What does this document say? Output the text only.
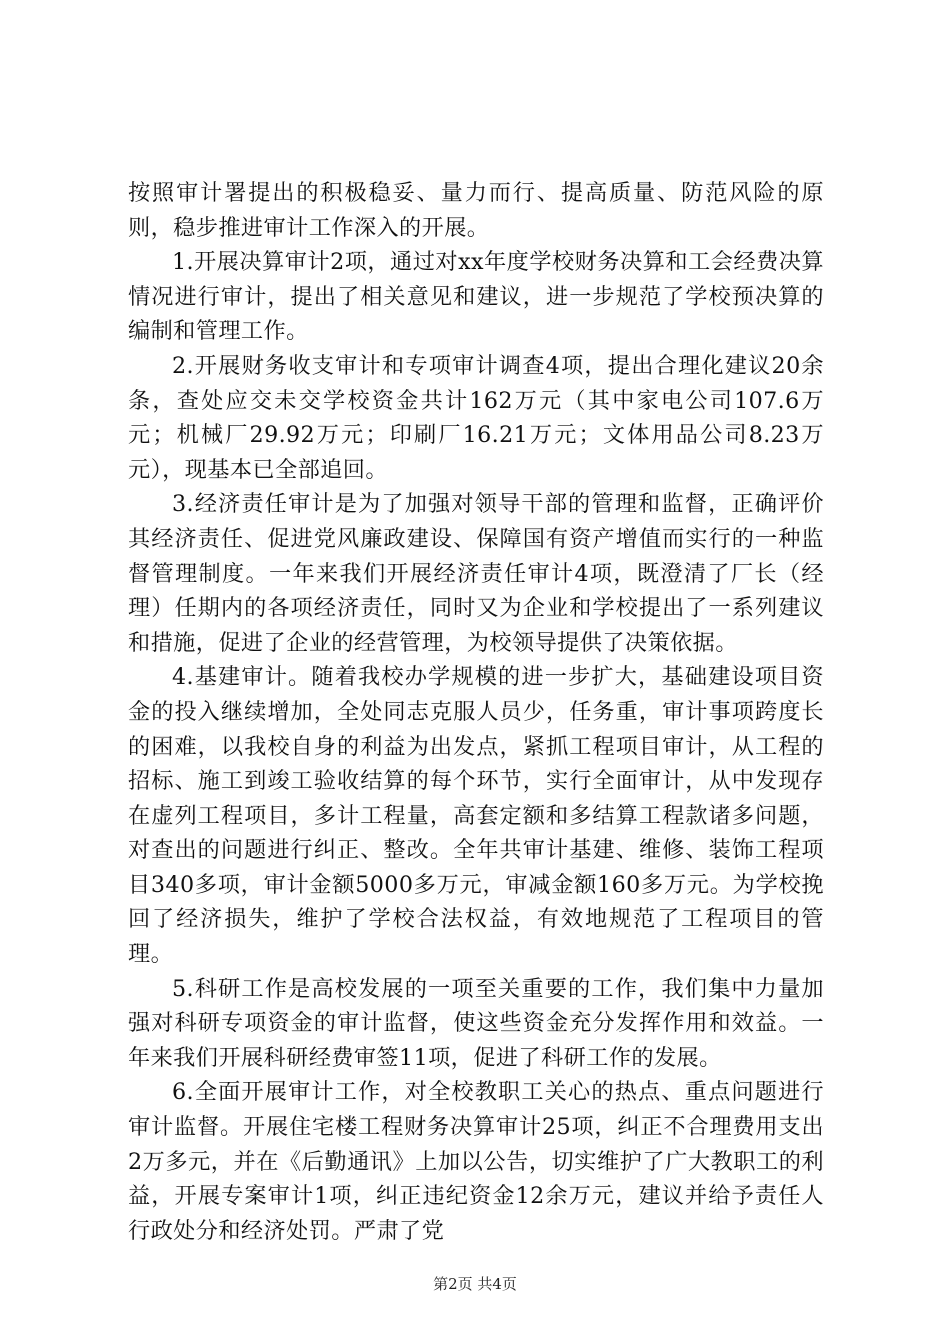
按照审计署提出的积极稳妥、量力而行、提高质量、防范风险的原则，稳步推进审计工作深入的开展。

1.开展决算审计2项，通过对xx年度学校财务决算和工会经费决算情况进行审计，提出了相关意见和建议，进一步规范了学校预决算的编制和管理工作。

2.开展财务收支审计和专项审计调查4项，提出合理化建议20余条，查处应交未交学校资金共计162万元（其中家电公司107.6万元；机械厂29.92万元；印刷厂16.21万元；文体用品公司8.23万元），现基本已全部追回。

3.经济责任审计是为了加强对领导干部的管理和监督，正确评价其经济责任、促进党风廉政建设、保障国有资产增值而实行的一种监督管理制度。一年来我们开展经济责任审计4项，既澄清了厂长（经理）任期内的各项经济责任，同时又为企业和学校提出了一系列建议和措施，促进了企业的经营管理，为校领导提供了决策依据。

4.基建审计。随着我校办学规模的进一步扩大，基础建设项目资金的投入继续增加，全处同志克服人员少，任务重，审计事项跨度长的困难，以我校自身的利益为出发点，紧抓工程项目审计，从工程的招标、施工到竣工验收结算的每个环节，实行全面审计，从中发现存在虚列工程项目，多计工程量，高套定额和多结算工程款诸多问题，对查出的问题进行纠正、整改。全年共审计基建、维修、装饰工程项目340多项，审计金额5000多万元，审减金额160多万元。为学校挽回了经济损失，维护了学校合法权益，有效地规范了工程项目的管理。

5.科研工作是高校发展的一项至关重要的工作，我们集中力量加强对科研专项资金的审计监督，使这些资金充分发挥作用和效益。一年来我们开展科研经费审签11项，促进了科研工作的发展。

6.全面开展审计工作，对全校教职工关心的热点、重点问题进行审计监督。开展住宅楼工程财务决算审计25项，纠正不合理费用支出2万多元，并在《后勤通讯》上加以公告，切实维护了广大教职工的利益，开展专案审计1项，纠正违纪资金12余万元，建议并给予责任人行政处分和经济处罚。严肃了党

第2页 共4页
